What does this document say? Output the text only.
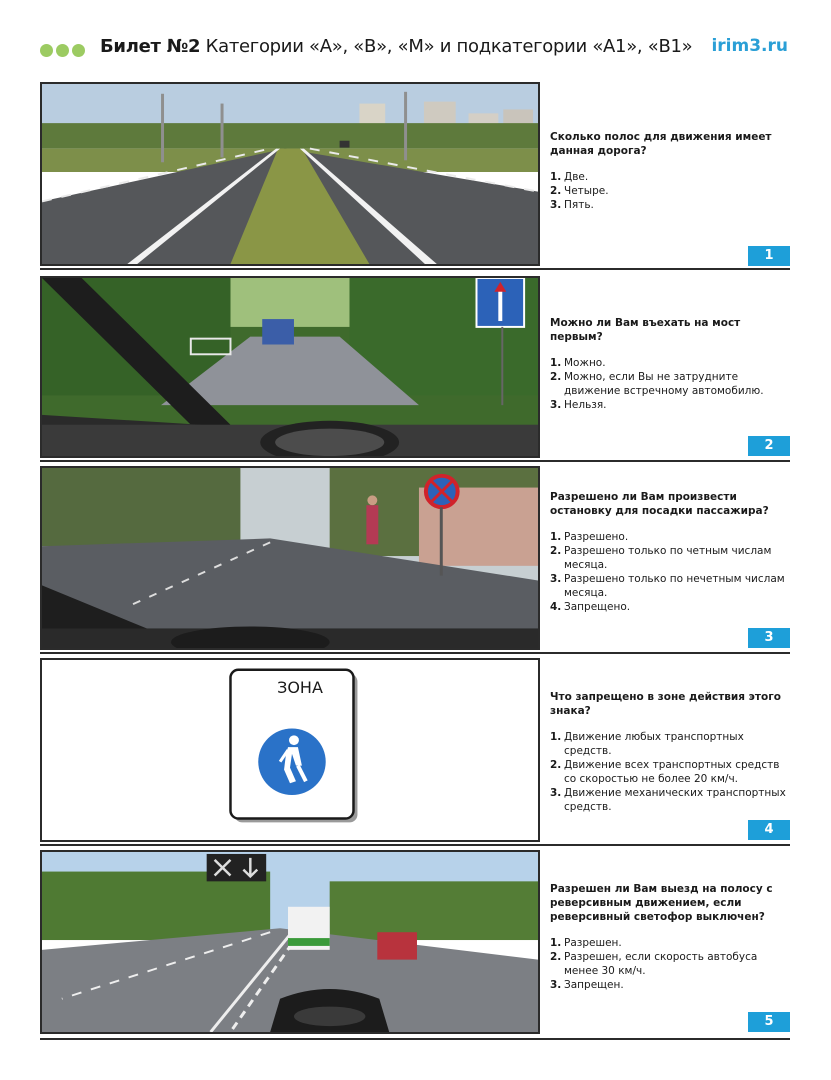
Билет №2 Категории «А», «В», «М» и подкатегории «А1», «В1» irim3.ru
Сколько полос для движения имеет данная дорога?
1. Две.
2. Четыре.
3. Пять.
1
Можно ли Вам въехать на мост первым?
1. Можно.
2. Можно, если Вы не затрудните движение встречному автомобилю.
3. Нельзя.
2
Разрешено ли Вам произвести остановку для посадки пассажира?
1. Разрешено.
2. Разрешено только по четным числам месяца.
3. Разрешено только по нечетным числам месяца.
4. Запрещено.
3
ЗОНА	Что запрещено в зоне действия этого знака?
1. Движение любых транспортных средств.
2. Движение всех транспортных средств со скоростью не более 20 км/ч.
3. Движение механических транспортных средств.
4
Разрешен ли Вам выезд на полосу с реверсивным движением, если реверсивный светофор выключен?
1. Разрешен.
2. Разрешен, если скорость автобуса менее 30 км/ч.
3. Запрещен.
5
